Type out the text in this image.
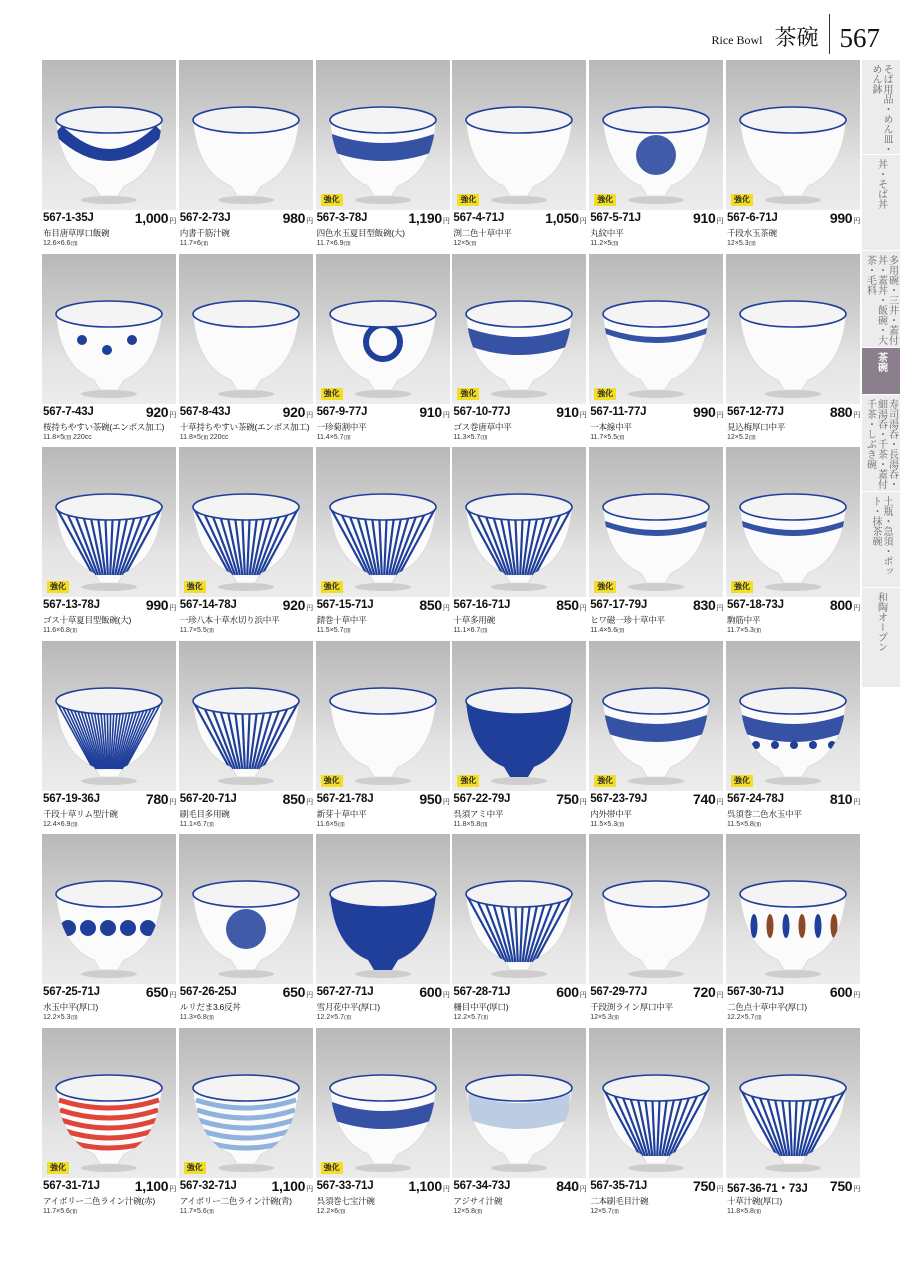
Rice Bowl 茶碗 567
567-1-35J	1,000円
布目唐草厚口飯碗
12.6×6.6㎝
567-2-73J	980円
内書千筋汁碗
11.7×6㎝
強化
567-3-78J	1,190円
四色水玉夏目型飯碗(大)
11.7×6.9㎝
強化
567-4-71J	1,050円
渕二色十草中平
12×5㎝
強化
567-5-71J	910円
丸紋中平
11.2×5㎝
強化
567-6-71J	990円
千段水玉茶碗
12×5.3㎝
567-7-43J	920円
桜持ちやすい茶碗(エンボス加工)
11.8×5㎝ 220cc
567-8-43J	920円
十草持ちやすい茶碗(エンボス加工)
11.8×5㎝ 220cc
強化
567-9-77J	910円
一珍菊割中平
11.4×5.7㎝
強化
567-10-77J	910円
ゴス巻唐草中平
11.3×5.7㎝
強化
567-11-77J	990円
一本線中平
11.7×5.5㎝
567-12-77J	880円
見込梅厚口中平
12×5.2㎝
強化
567-13-78J	990円
ゴス十草夏目型飯碗(大)
11.6×6.8㎝
強化
567-14-78J	920円
一珍八本十草水切り浜中平
11.7×5.5㎝
強化
567-15-71J	850円
錆巻十草中平
11.5×5.7㎝
567-16-71J	850円
十草多用碗
11.1×6.7㎝
強化
567-17-79J	830円
ヒワ磁一珍十草中平
11.4×5.6㎝
強化
567-18-73J	800円
駒筋中平
11.7×5.3㎝
567-19-36J	780円
千段十草リム型汁碗
12.4×6.9㎝
567-20-71J	850円
刷毛目多用碗
11.1×6.7㎝
強化
567-21-78J	950円
新芽十草中平
11.6×5㎝
強化
567-22-79J	750円
呉須アミ中平
11.8×5.8㎝
強化
567-23-79J	740円
内外帯中平
11.5×5.3㎝
強化
567-24-78J	810円
呉須巻二色水玉中平
11.5×5.8㎝
567-25-71J	650円
水玉中平(厚口)
12.2×5.3㎝
567-26-25J	650円
ルリだま3.6反丼
11.3×6.8㎝
567-27-71J	600円
雪月花中平(厚口)
12.2×5.7㎝
567-28-71J	600円
柵目中平(厚口)
12.2×5.7㎝
567-29-77J	720円
千段渕ライン厚口中平
12×5.3㎝
567-30-71J	600円
二色点十草中平(厚口)
12.2×5.7㎝
強化
567-31-71J 1,100円
アイボリー二色ライン汁碗(赤)
11.7×5.6㎝
強化
567-32-71J 1,100円
アイボリー二色ライン汁碗(青)
11.7×5.6㎝
強化
567-33-71J 1,100円
呉須巻七宝汁碗
12.2×6㎝
567-34-73J	840円
アジサイ汁碗
12×5.8㎝
567-35-71J	750円
二本刷毛目汁碗
12×5.7㎝
567-36-71・73J 750円
十草汁碗(厚口)
11.8×5.8㎝
そば用品・めん皿・めん鉢
丼・そば丼
多用碗・三井・蓋付丼・蓋丼・飯碗・大茶・毛料
茶碗
寿司湯呑・長湯呑・細湯呑・千茶・蓋付千茶・しぶき碗
土瓶・急須・ポット・抹茶碗
和陶オープン
